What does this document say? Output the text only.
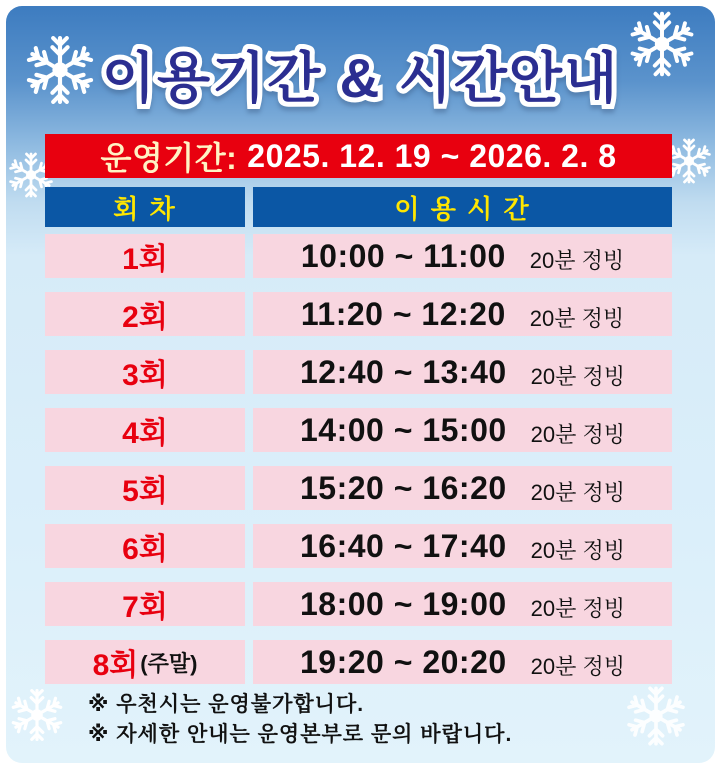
이용기간 & 시간안내
운영기간: 2025. 12. 19 ~ 2026. 2. 8
회 차	이 용 시 간
1회	10:00 ~ 11:00 20분 정빙
2회	11:20 ~ 12:20 20분 정빙
3회	12:40 ~ 13:40 20분 정빙
4회	14:00 ~ 15:00 20분 정빙
5회	15:20 ~ 16:20 20분 정빙
6회	16:40 ~ 17:40 20분 정빙
7회	18:00 ~ 19:00 20분 정빙
8회 (주말)	19:20 ~ 20:20 20분 정빙

※ 우천시는 운영불가합니다.

※ 자세한 안내는 운영본부로 문의 바랍니다.
